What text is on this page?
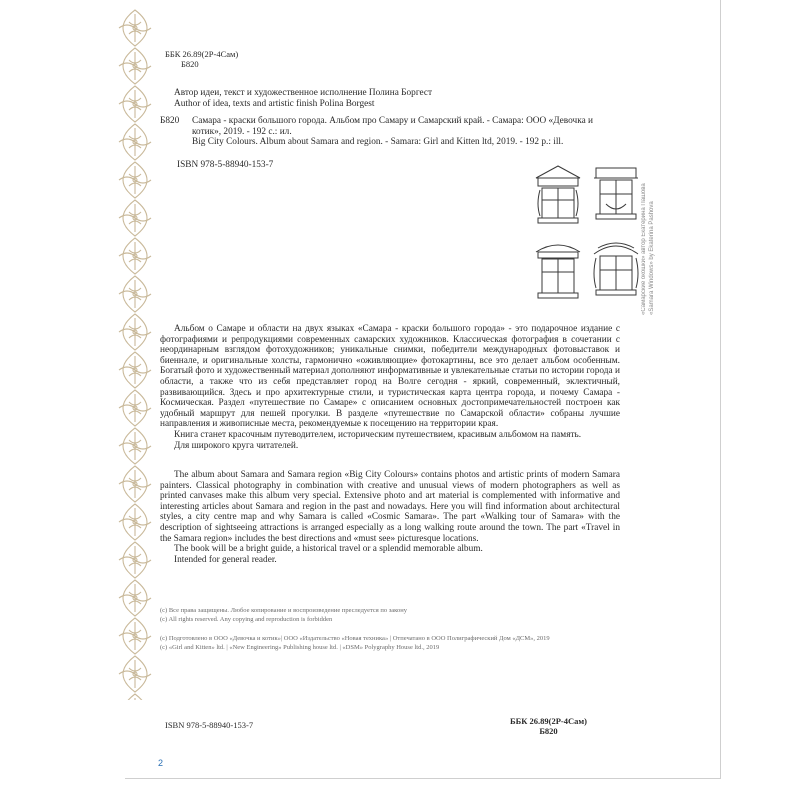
ББК 26.89(2Р-4Сам)
Б820
Автор идеи, текст и художественное исполнение Полина Боргест
Author of idea, texts and artistic finish Polina Borgest
Б820 Самара - краски большого города. Альбом про Самару и Самарский край. - Самара: ООО «Девочка и котик», 2019. - 192 с.: ил.
Big City Colours. Album about Samara and region. - Samara: Girl and Kitten ltd, 2019. - 192 p.: ill.
ISBN 978-5-88940-153-7
«Самарские окошки» автор Екатерина Пашова «Samara Windows» by Ekaterina Pashova
Альбом о Самаре и области на двух языках «Самара - краски большого города» - это подарочное издание с фотографиями и репродукциями современных самарских художников. Классическая фотография в сочетании с неординарным взглядом фотохудожников; уникальные снимки, победители международных фотовыставок и биеннале, и оригинальные холсты, гармонично «оживляющие» фотокартины, все это делает альбом особенным. Богатый фото и художественный материал дополняют информативные и увлекательные статьи по истории города и области, а также что из себя представляет город на Волге сегодня - яркий, современный, эклектичный, развивающийся. Здесь и про архитектурные стили, и туристическая карта центра города, и почему Самара - Космическая. Раздел «путешествие по Самаре» с описанием основных достопримечательностей построен как удобный маршрут для пешей прогулки. В разделе «путешествие по Самарской области» собраны лучшие направления и живописные места, рекомендуемые к посещению на территории края.
Книга станет красочным путеводителем, историческим путешествием, красивым альбомом на память.
Для широкого круга читателей.
The album about Samara and Samara region «Big City Colours» contains photos and artistic prints of modern Samara painters. Classical photography in combination with creative and unusual views of modern photographers as well as printed canvases make this album very special. Extensive photo and art material is complemented with informative and interesting articles about Samara and region in the past and nowadays. Here you will find information about architectural styles, a city centre map and why Samara is called «Cosmic Samara». The part «Walking tour of Samara» with the description of sightseeing attractions is arranged especially as a long walking route around the town. The part «Travel in the Samara region» includes the best directions and «must see» picturesque locations.
The book will be a bright guide, a historical travel or a splendid memorable album.
Intended for general reader.
(с) Все права защищены. Любое копирование и воспроизведение преследуется по закону
(c) All rights reserved. Any copying and reproduction is forbidden
(с) Подготовлено в ООО «Девочка и котик»| ООО «Издательство «Новая техника» | Отпечатано в ООО Полиграфический Дом «ДСМ», 2019
(с) «Girl and Kitten» ltd. | «New Engineering» Publishing house ltd. | «DSM» Polygraphy House ltd., 2019
ISBN 978-5-88940-153-7	ББК 26.89(2Р-4Сам)
Б820
2
